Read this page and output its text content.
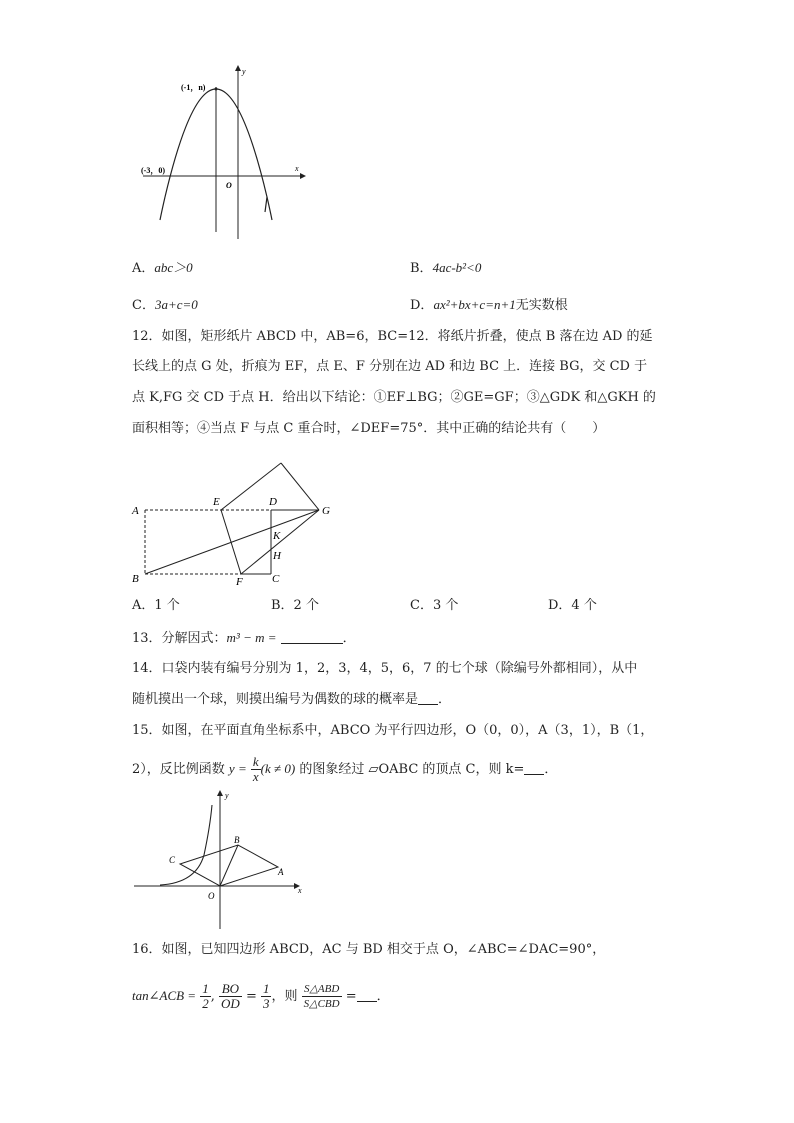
(-1，n)
(-3，0)
O
x
y
A．abc＞0	B．4ac-b²<0
C．3a+c=0	D．ax²+bx+c=n+1无实数根
12．如图，矩形纸片 ABCD 中，AB=6，BC=12．将纸片折叠，使点 B 落在边 AD 的延
长线上的点 G 处，折痕为 EF，点 E、F 分别在边 AD 和边 BC 上．连接 BG，交 CD 于
点 K,FG 交 CD 于点 H．给出以下结论：①EF⊥BG；②GE=GF；③△GDK 和△GKH 的
面积相等；④当点 F 与点 C 重合时，∠DEF=75°．其中正确的结论共有（　　）
A
B
E	D
G
K
H
F	C
A．1 个	B．2 个	C．3 个	D．4 个
13．分解因式：m³ − m =	．
14．口袋内装有编号分别为 1，2，3，4，5，6，7 的七个球（除编号外都相同），从中
随机摸出一个球，则摸出编号为偶数的球的概率是 ．
15．如图，在平面直角坐标系中，ABCO 为平行四边形，O（0，0），A（3，1），B（1，
2），反比例函数 $y = \frac{k}{x} (k \ne 0)$ 的图象经过 ▱OABC 的顶点 C，则 k= ．
B
A
C
O
x
y
16．如图，已知四边形 ABCD，AC 与 BD 相交于点 O，∠ABC=∠DAC=90°，
tan∠ACB = $\frac{1}{2}$ , $\frac{BO}{OD} = \frac{1}{3}$ ，则 $\frac{\text{S△ABD}}{\text{S△CBD}}$ = ．
